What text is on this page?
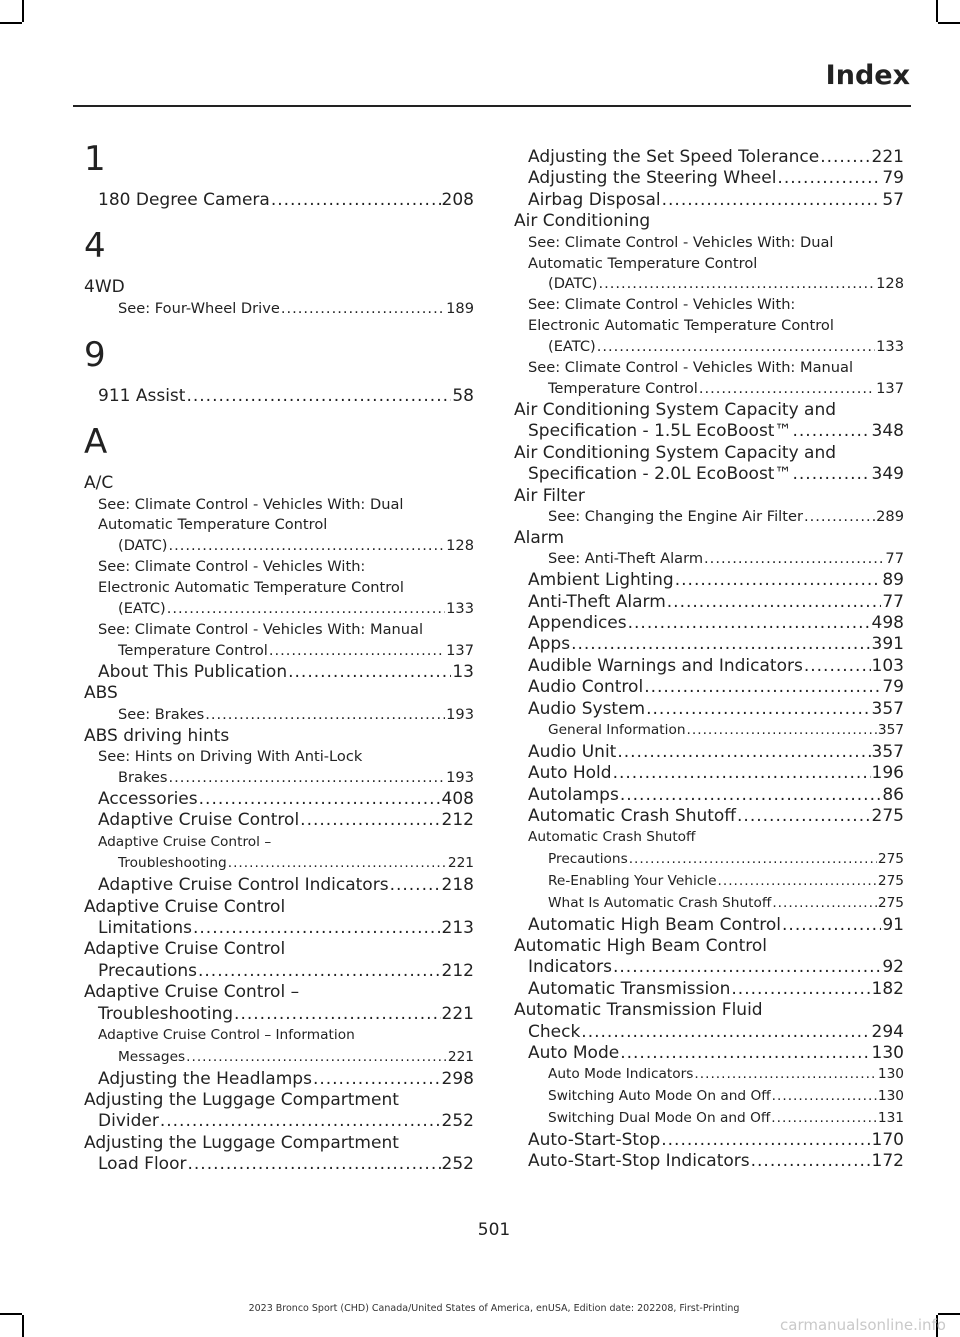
Index
1
180 Degree Camera .....	208
4
4WD
See: Four-Wheel Drive .....	189
9
911 Assist .....	58
A
A/C
See: Climate Control - Vehicles With: Dual
Automatic Temperature Control
(DATC) .....	128
See: Climate Control - Vehicles With:
Electronic Automatic Temperature Control
(EATC) .....	133
See: Climate Control - Vehicles With: Manual
Temperature Control .....	137
About This Publication .....	13
ABS
See: Brakes .....	193
ABS driving hints
See: Hints on Driving With Anti-Lock
Brakes .....	193
Accessories .....	408
Adaptive Cruise Control .....	212
Adaptive Cruise Control –
Troubleshooting .....	221
Adaptive Cruise Control Indicators .....	218
Adaptive Cruise Control
Limitations .....	213
Adaptive Cruise Control
Precautions .....	212
Adaptive Cruise Control –
Troubleshooting .....	221
Adaptive Cruise Control – Information
Messages .....	221
Adjusting the Headlamps .....	298
Adjusting the Luggage Compartment
Divider .....	252
Adjusting the Luggage Compartment
Load Floor .....	252
Adjusting the Set Speed Tolerance .....	221
Adjusting the Steering Wheel .....	79
Airbag Disposal .....	57
Air Conditioning
See: Climate Control - Vehicles With: Dual
Automatic Temperature Control
(DATC) .....	128
See: Climate Control - Vehicles With:
Electronic Automatic Temperature Control
(EATC) .....	133
See: Climate Control - Vehicles With: Manual
Temperature Control .....	137
Air Conditioning System Capacity and
Specification - 1.5L EcoBoost™ .....	348
Air Conditioning System Capacity and
Specification - 2.0L EcoBoost™ .....	349
Air Filter
See: Changing the Engine Air Filter .....	289
Alarm
See: Anti-Theft Alarm .....	77
Ambient Lighting .....	89
Anti-Theft Alarm .....	77
Appendices .....	498
Apps .....	391
Audible Warnings and Indicators .....	103
Audio Control .....	79
Audio System .....	357
General Information .....	357
Audio Unit .....	357
Auto Hold .....	196
Autolamps .....	86
Automatic Crash Shutoff .....	275
Automatic Crash Shutoff
Precautions .....	275
Re-Enabling Your Vehicle .....	275
What Is Automatic Crash Shutoff .....	275
Automatic High Beam Control .....	91
Automatic High Beam Control
Indicators .....	92
Automatic Transmission .....	182
Automatic Transmission Fluid
Check .....	294
Auto Mode .....	130
Auto Mode Indicators .....	130
Switching Auto Mode On and Off .....	130
Switching Dual Mode On and Off .....	131
Auto-Start-Stop .....	170
Auto-Start-Stop Indicators .....	172
501
2023 Bronco Sport (CHD) Canada/United States of America, enUSA, Edition date: 202208, First-Printing
carmanualsonline.info
